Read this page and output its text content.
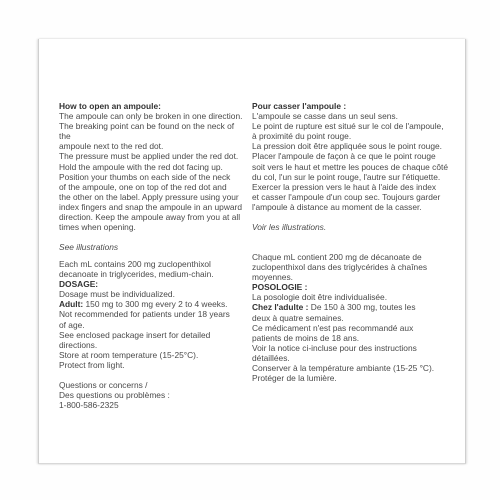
How to open an ampoule:

The ampoule can only be broken in one direction.

The breaking point can be found on the neck of the

ampoule next to the red dot.

The pressure must be applied under the red dot.

Hold the ampoule with the red dot facing up.

Position your thumbs on each side of the neck

of the ampoule, one on top of the red dot and

the other on the label. Apply pressure using your

index fingers and snap the ampoule in an upward

direction. Keep the ampoule away from you at all

times when opening.

See illustrations

Pour casser l'ampoule :

L'ampoule se casse dans un seul sens.

Le point de rupture est situé sur le col de l'ampoule,

à proximité du point rouge.

La pression doit être appliquée sous le point rouge.

Placer l'ampoule de façon à ce que le point rouge

soit vers le haut et mettre les pouces de chaque côté

du col, l'un sur le point rouge, l'autre sur l'étiquette.

Exercer la pression vers le haut à l'aide des index

et casser l'ampoule d'un coup sec. Toujours garder

l'ampoule à distance au moment de la casser.

Voir les illustrations.

Each mL contains 200 mg zuclopenthixol

decanoate in triglycerides, medium-chain.

DOSAGE:

Dosage must be individualized.

Adult: 150 mg to 300 mg every 2 to 4 weeks.

Not recommended for patients under 18 years

of age.

See enclosed package insert for detailed

directions.

Store at room temperature (15-25°C).

Protect from light.

Questions or concerns /

Des questions ou problèmes :

1-800-586-2325

Chaque mL contient 200 mg de décanoate de

zuclopenthixol dans des triglycérides à chaînes

moyennes.

POSOLOGIE :

La posologie doit être individualisée.

Chez l'adulte : De 150 à 300 mg, toutes les

deux à quatre semaines.

Ce médicament n'est pas recommandé aux

patients de moins de 18 ans.

Voir la notice ci-incluse pour des instructions

détaillées.

Conserver à la température ambiante (15-25 °C).

Protéger de la lumière.
